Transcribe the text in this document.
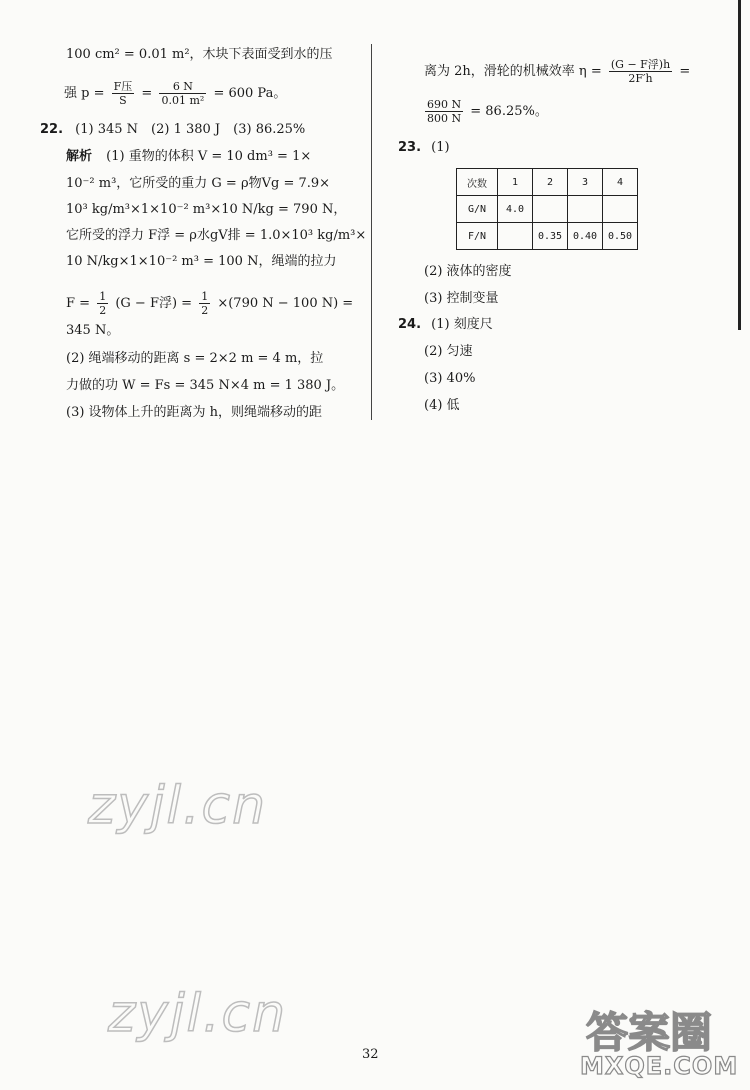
100 cm² = 0.01 m²，木块下表面受到水的压
强 $p = \frac{\text{F压}}{S} = \frac{6 N}{\text{0.01 m²}} = 600$ Pa。
22. (1) 345 N　(2) 1 380 J　(3) 86.25%
解析 (1) 重物的体积 V = 10 dm³ = 1×
10⁻² m³，它所受的重力 G = ρ物Vg = 7.9×
10³ kg/m³×1×10⁻² m³×10 N/kg = 790 N，
它所受的浮力 F浮 = ρ水gV排 = 1.0×10³ kg/m³×
10 N/kg×1×10⁻² m³ = 100 N，绳端的拉力
$F = \frac{1}{2} (G - F$浮) = $\frac{1}{2} \times(790$ N − 100 N) =
345 N。
(2) 绳端移动的距离 s = 2×2 m = 4 m，拉
力做的功 W = Fs = 345 N×4 m = 1 380 J。
(3) 设物体上升的距离为 h，则绳端移动的距
离为 2h，滑轮的机械效率 $\eta = \frac{\text{(G − F浮)h}}{2F'h}$ =
$\frac{690 N}{800 N} = 86.25\%$。
23. (1)
(2) 液体的密度
(3) 控制变量
24. (1) 刻度尺
(2) 匀速
(3) 40%
(4) 低
次数	1	2	3	4
G/N	4.0			
F/N		0.35	0.40	0.50
zyjl.cn
zyjl.cn	答案圈
MXQE.COM
32
